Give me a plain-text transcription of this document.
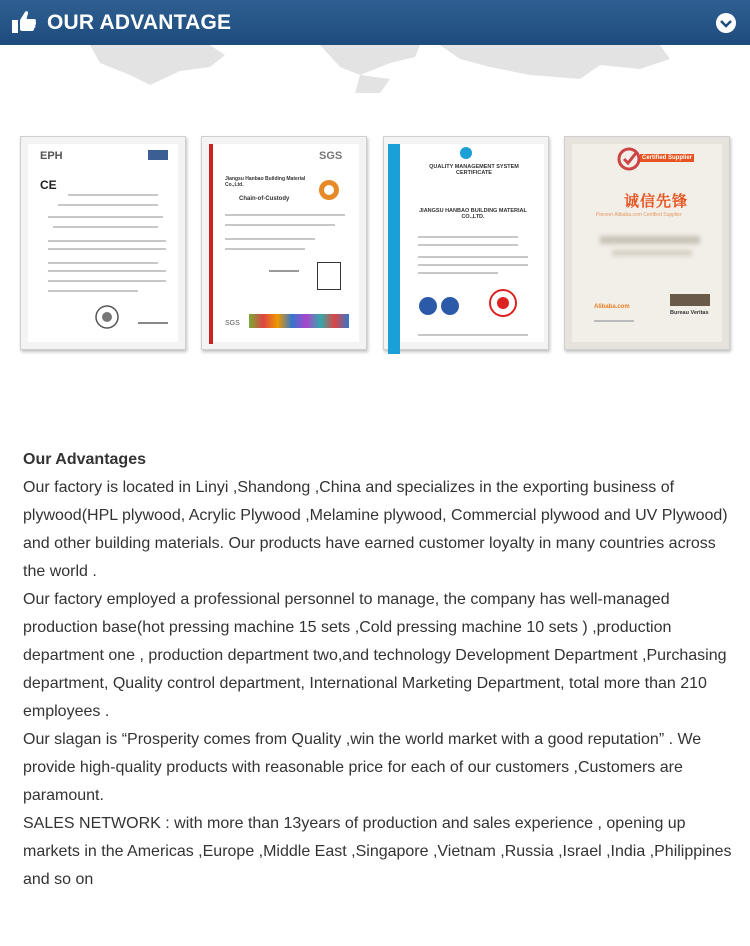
OUR ADVANTAGE
EPH
CE
SGS
Jiangsu Hanbao Building Material Co.,Ltd.
Chain-of-Custody
SGS
ISO9001
QUALITY MANAGEMENT SYSTEM CERTIFICATE
JIANGSU HANBAO BUILDING MATERIAL CO.,LTD.
Certified Supplier
诚信先锋
Pioneer Alibaba.com Certified Supplier
Alibaba.com
Bureau Veritas
Our Advantages

Our factory is located in Linyi ,Shandong ,China and specializes in the exporting business of plywood(HPL plywood, Acrylic Plywood ,Melamine plywood, Commercial plywood and UV Plywood) and other building materials. Our products have earned customer loyalty in many countries across the world .

Our factory employed a professional personnel to manage, the company has well-managed production base(hot pressing machine 15 sets ,Cold pressing machine 10 sets ) ,production department one , production department two,and technology Development Department ,Purchasing department, Quality control department, International Marketing Department, total more than 210 employees .

Our slagan is “Prosperity comes from Quality ,win the world market with a good reputation” . We provide high-quality products with reasonable price for each of our customers ,Customers are paramount.

SALES NETWORK : with more than 13years of production and sales experience , opening up markets in the Americas ,Europe ,Middle East ,Singapore ,Vietnam ,Russia ,Israel ,India ,Philippines and so on
